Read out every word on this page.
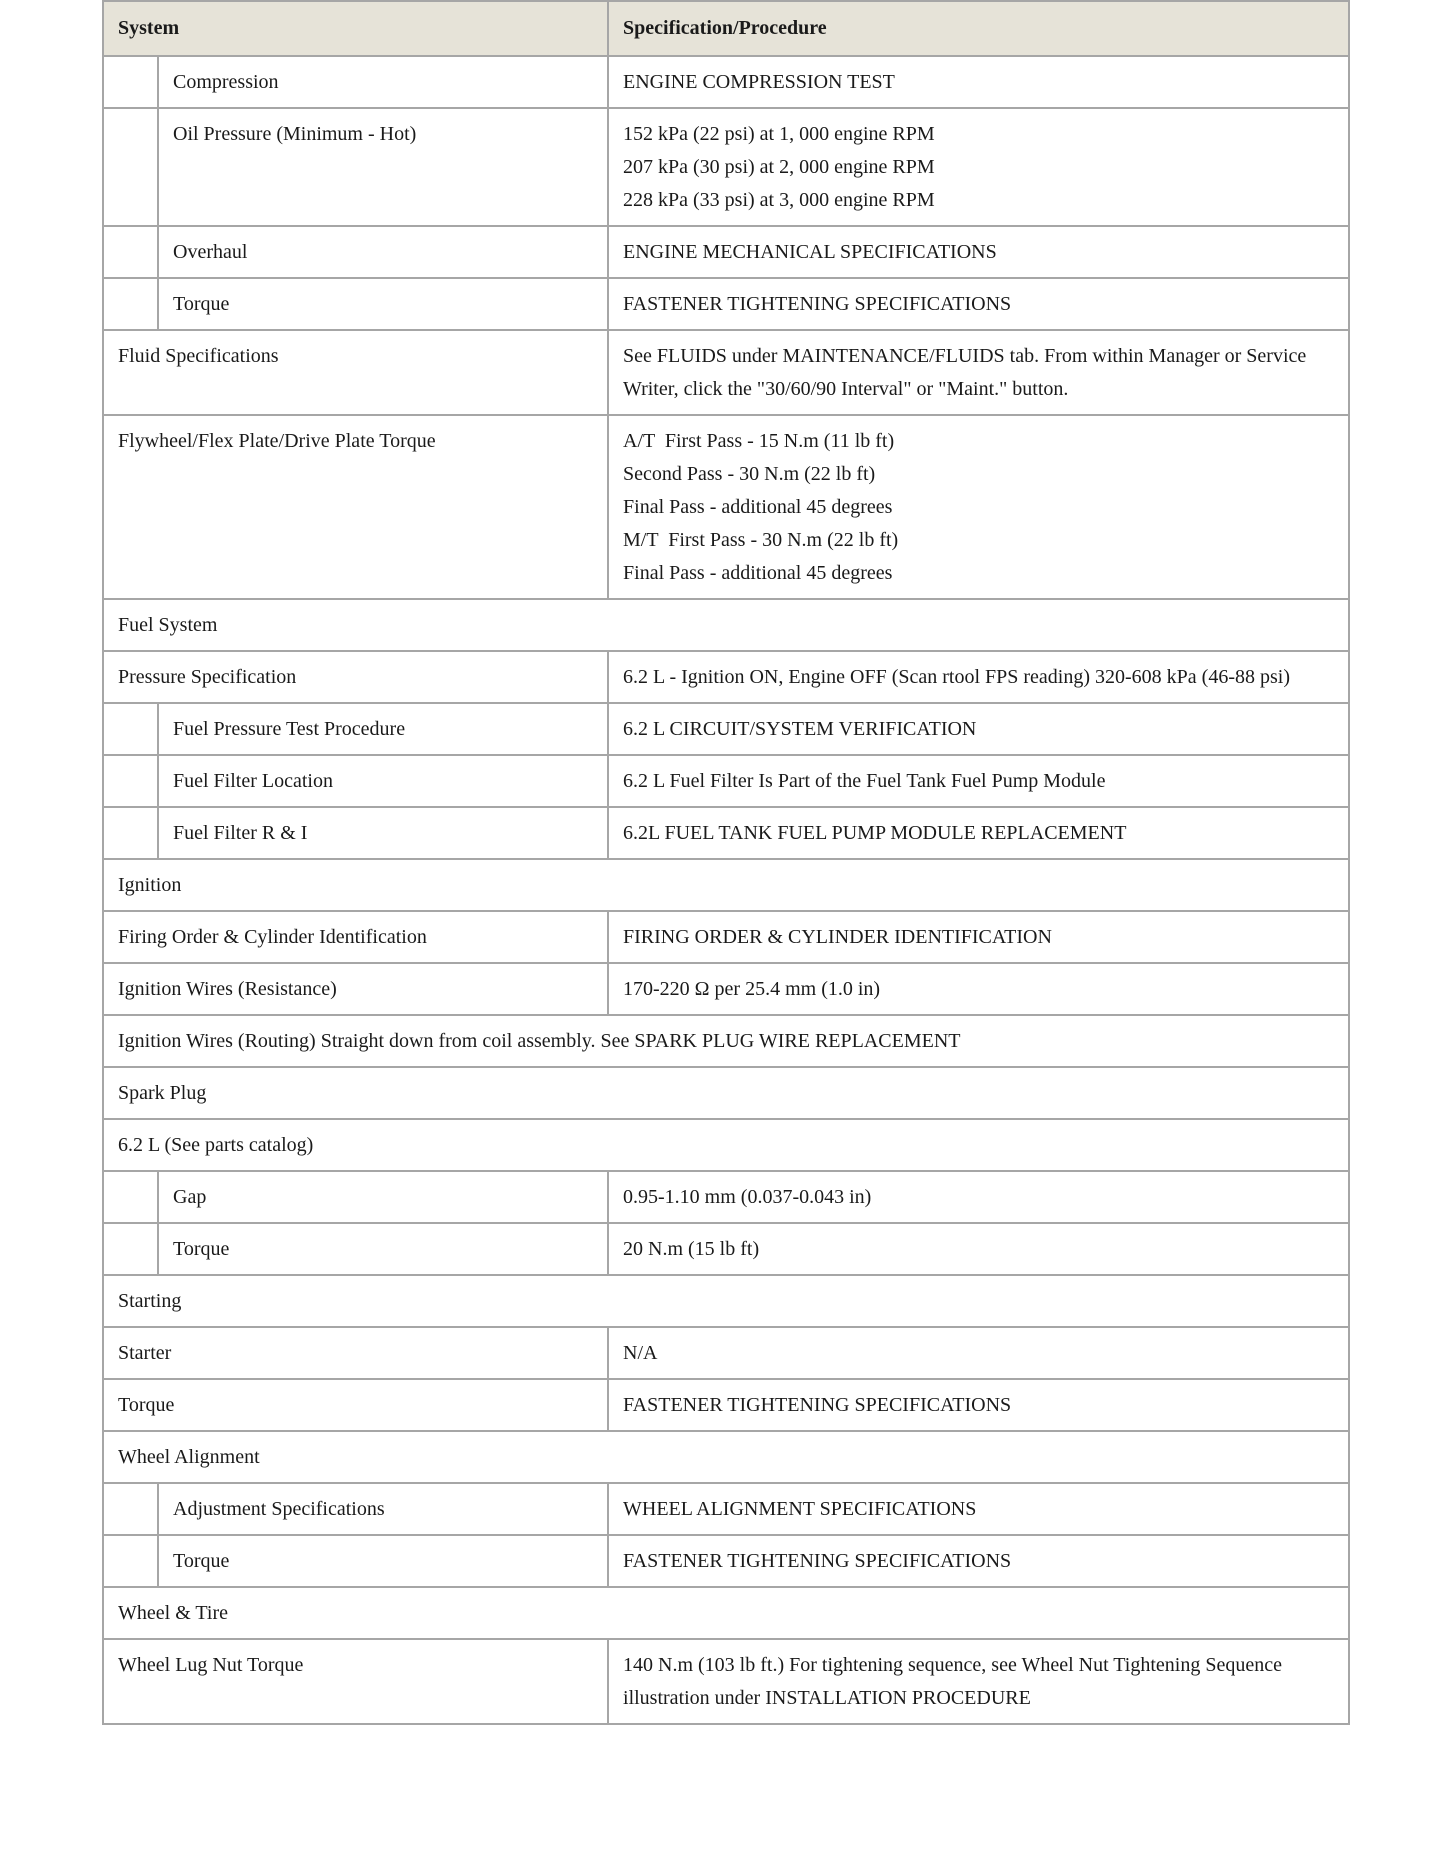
System		Specification/Procedure
	Compression	ENGINE COMPRESSION TEST
	Oil Pressure (Minimum - Hot)	152 kPa (22 psi) at 1, 000 engine RPM
207 kPa (30 psi) at 2, 000 engine RPM
228 kPa (33 psi) at 3, 000 engine RPM

	Overhaul	ENGINE MECHANICAL SPECIFICATIONS
	Torque	FASTENER TIGHTENING SPECIFICATIONS
Fluid Specifications		See FLUIDS under MAINTENANCE/FLUIDS tab. From within Manager or Service Writer, click the "30/60/90 Interval" or "Maint." button.
Flywheel/Flex Plate/Drive Plate Torque		A/T  First Pass - 15 N.m (11 lb ft)
Second Pass - 30 N.m (22 lb ft)
Final Pass - additional 45 degrees
M/T  First Pass - 30 N.m (22 lb ft)
Final Pass - additional 45 degrees

Fuel System		
Pressure Specification		6.2 L - Ignition ON, Engine OFF (Scan rtool FPS reading) 320-608 kPa (46-88 psi)
	Fuel Pressure Test Procedure	6.2 L CIRCUIT/SYSTEM VERIFICATION
	Fuel Filter Location	6.2 L Fuel Filter Is Part of the Fuel Tank Fuel Pump Module
	Fuel Filter R & I	6.2L FUEL TANK FUEL PUMP MODULE REPLACEMENT
Ignition		
Firing Order & Cylinder Identification		FIRING ORDER & CYLINDER IDENTIFICATION
Ignition Wires (Resistance)		170-220 Ω per 25.4 mm (1.0 in)
Ignition Wires (Routing) Straight down from coil assembly. See SPARK PLUG WIRE REPLACEMENT		
Spark Plug		
6.2 L (See parts catalog)		
	Gap	0.95-1.10 mm (0.037-0.043 in)
	Torque	20 N.m (15 lb ft)
Starting		
Starter		N/A
Torque		FASTENER TIGHTENING SPECIFICATIONS
Wheel Alignment		
	Adjustment Specifications	WHEEL ALIGNMENT SPECIFICATIONS
	Torque	FASTENER TIGHTENING SPECIFICATIONS
Wheel & Tire		
Wheel Lug Nut Torque		140 N.m (103 lb ft.) For tightening sequence, see Wheel Nut Tightening Sequence illustration under INSTALLATION PROCEDURE
